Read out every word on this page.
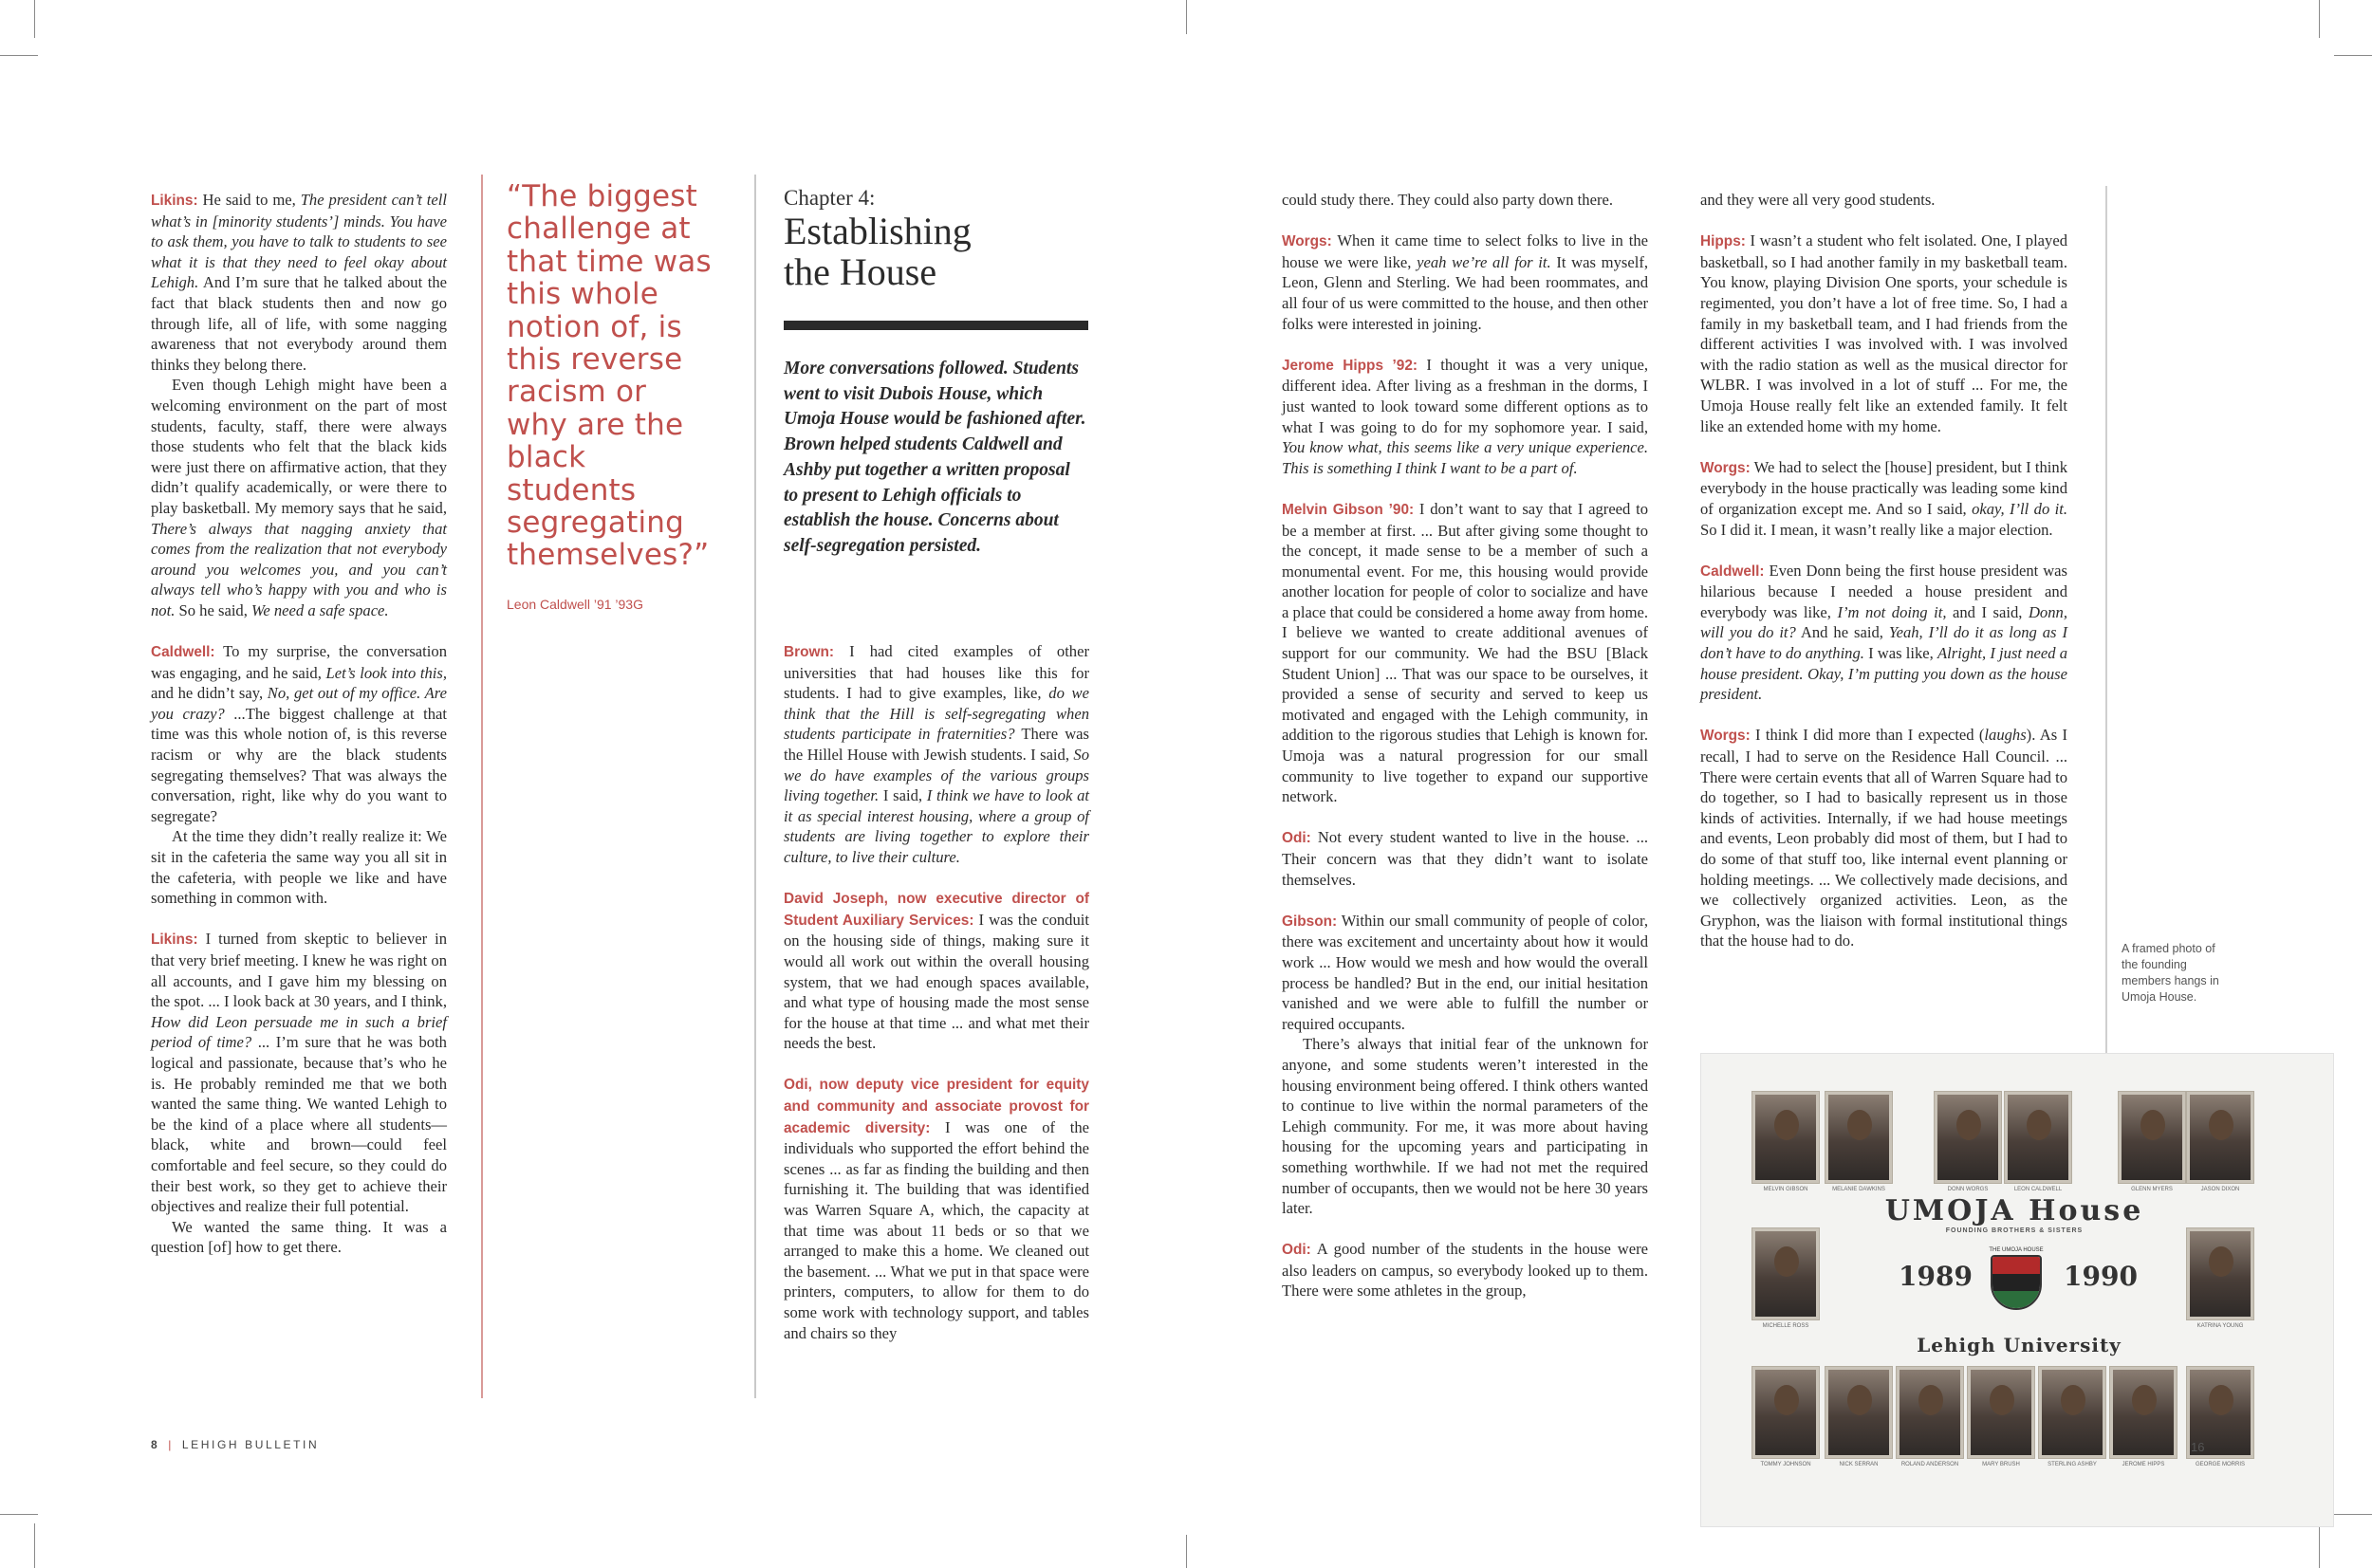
Likins: He said to me, The president can’t tell what’s in [minority students’] minds. You have to ask them, you have to talk to students to see what it is that they need to feel okay about Lehigh. And I’m sure that he talked about the fact that black students then and now go through life, all of life, with some nagging awareness that not everybody around them thinks they belong there.

Even though Lehigh might have been a welcoming environment on the part of most students, faculty, staff, there were always those students who felt that the black kids were just there on affirmative action, that they didn’t qualify academically, or were there to play basketball. My memory says that he said, There’s always that nagging anxiety that comes from the realization that not everybody around you welcomes you, and you can’t always tell who’s happy with you and who is not. So he said, We need a safe space.

Caldwell: To my surprise, the conversation was engaging, and he said, Let’s look into this, and he didn’t say, No, get out of my office. Are you crazy? ...The biggest challenge at that time was this whole notion of, is this reverse racism or why are the black students segregating themselves? That was always the conversation, right, like why do you want to segregate?

At the time they didn’t really realize it: We sit in the cafeteria the same way you all sit in the cafeteria, with people we like and have something in common with.

Likins: I turned from skeptic to believer in that very brief meeting. I knew he was right on all accounts, and I gave him my blessing on the spot. ... I look back at 30 years, and I think, How did Leon persuade me in such a brief period of time? ... I’m sure that he was both logical and passionate, because that’s who he is. He probably reminded me that we both wanted the same thing. We wanted Lehigh to be the kind of a place where all students—black, white and brown—could feel comfortable and feel secure, so they could do their best work, so they get to achieve their objectives and realize their full potential.

We wanted the same thing. It was a question [of] how to get there.

“The biggest challenge at that time was this whole notion of, is this reverse racism or why are the black students segregating themselves?”
Leon Caldwell ’91 ’93G
Chapter 4:
Establishing
the House
More conversations followed. Students went to visit Dubois House, which Umoja House would be fashioned after. Brown helped students Caldwell and Ashby put together a written proposal to present to Lehigh officials to establish the house. Concerns about self-segregation persisted.

Brown: I had cited examples of other universities that had houses like this for students. I had to give examples, like, do we think that the Hill is self-segregating when students participate in fraternities? There was the Hillel House with Jewish students. I said, So we do have examples of the various groups living together. I said, I think we have to look at it as special interest housing, where a group of students are living together to explore their culture, to live their culture.

David Joseph, now executive director of Student Auxiliary Services: I was the conduit on the housing side of things, making sure it would all work out within the overall housing system, that we had enough spaces available, and what type of housing made the most sense for the house at that time ... and what met their needs the best.

Odi, now deputy vice president for equity and community and associate provost for academic diversity: I was one of the individuals who supported the effort behind the scenes ... as far as finding the building and then furnishing it. The building that was identified was Warren Square A, which, the capacity at that time was about 11 beds or so that we arranged to make this a home. We cleaned out the basement. ... What we put in that space were printers, computers, to allow for them to do some work with technology support, and tables and chairs so they

could study there. They could also party down there.

Worgs: When it came time to select folks to live in the house we were like, yeah we’re all for it. It was myself, Leon, Glenn and Sterling. We had been roommates, and all four of us were committed to the house, and then other folks were interested in joining.

Jerome Hipps ’92: I thought it was a very unique, different idea. After living as a freshman in the dorms, I just wanted to look toward some different options as to what I was going to do for my sophomore year. I said, You know what, this seems like a very unique experience. This is something I think I want to be a part of.

Melvin Gibson ’90: I don’t want to say that I agreed to be a member at first. ... But after giving some thought to the concept, it made sense to be a member of such a monumental event. For me, this housing would provide another location for people of color to socialize and have a place that could be considered a home away from home. I believe we wanted to create additional avenues of support for our community. We had the BSU [Black Student Union] ... That was our space to be ourselves, it provided a sense of security and served to keep us motivated and engaged with the Lehigh community, in addition to the rigorous studies that Lehigh is known for. Umoja was a natural progression for our small community to live together to expand our supportive network.

Odi: Not every student wanted to live in the house. ... Their concern was that they didn’t want to isolate themselves.

Gibson: Within our small community of people of color, there was excitement and uncertainty about how it would work ... How would we mesh and how would the overall process be handled? But in the end, our initial hesitation vanished and we were able to fulfill the number or required occupants.

There’s always that initial fear of the unknown for anyone, and some students weren’t interested in the housing environment being offered. I think others wanted to continue to live within the normal parameters of the Lehigh community. For me, it was more about having housing for the upcoming years and participating in something worthwhile. If we had not met the required number of occupants, then we would not be here 30 years later.

Odi: A good number of the students in the house were also leaders on campus, so everybody looked up to them. There were some athletes in the group,

and they were all very good students.

Hipps: I wasn’t a student who felt isolated. One, I played basketball, so I had another family in my basketball team. You know, playing Division One sports, your schedule is regimented, you don’t have a lot of free time. So, I had a family in my basketball team, and I had friends from the different activities I was involved with. I was involved with the radio station as well as the musical director for WLBR. I was involved in a lot of stuff ... For me, the Umoja House really felt like an extended family. It felt like an extended home with my home.

Worgs: We had to select the [house] president, but I think everybody in the house practically was leading some kind of organization except me. And so I said, okay, I’ll do it. So I did it. I mean, it wasn’t really like a major election.

Caldwell: Even Donn being the first house president was hilarious because I needed a house president and everybody was like, I’m not doing it, and I said, Donn, will you do it? And he said, Yeah, I’ll do it as long as I don’t have to do anything. I was like, Alright, I just need a house president. Okay, I’m putting you down as the house president.

Worgs: I think I did more than I expected (laughs). As I recall, I had to serve on the Residence Hall Council. ... There were certain events that all of Warren Square had to do together, so I had to basically represent us in those kinds of activities. Internally, if we had house meetings and events, Leon probably did most of them, but I had to do some of that stuff too, like internal event planning or holding meetings. ... We collectively made decisions, and we collectively organized activities. Leon, as the Gryphon, was the liaison with formal institutional things that the house had to do.

8 | LEHIGH BULLETIN
A framed photo of the founding members hangs in Umoja House.
MELVIN GIBSON	MELANIE DAWKINS	DONN WORGS	LEON CALDWELL	GLENN MYERS	JASON DIXON
MICHELLE ROSS	KATRINA YOUNG
UMOJA House
FOUNDING BROTHERS & SISTERS
1989	1990
THE UMOJA HOUSE
Lehigh University
TOMMY JOHNSON	NICK SERRAN	ROLAND ANDERSON	MARY BRUSH	STERLING ASHBY	JEROME HIPPS	GEORGE MORRIS
16
